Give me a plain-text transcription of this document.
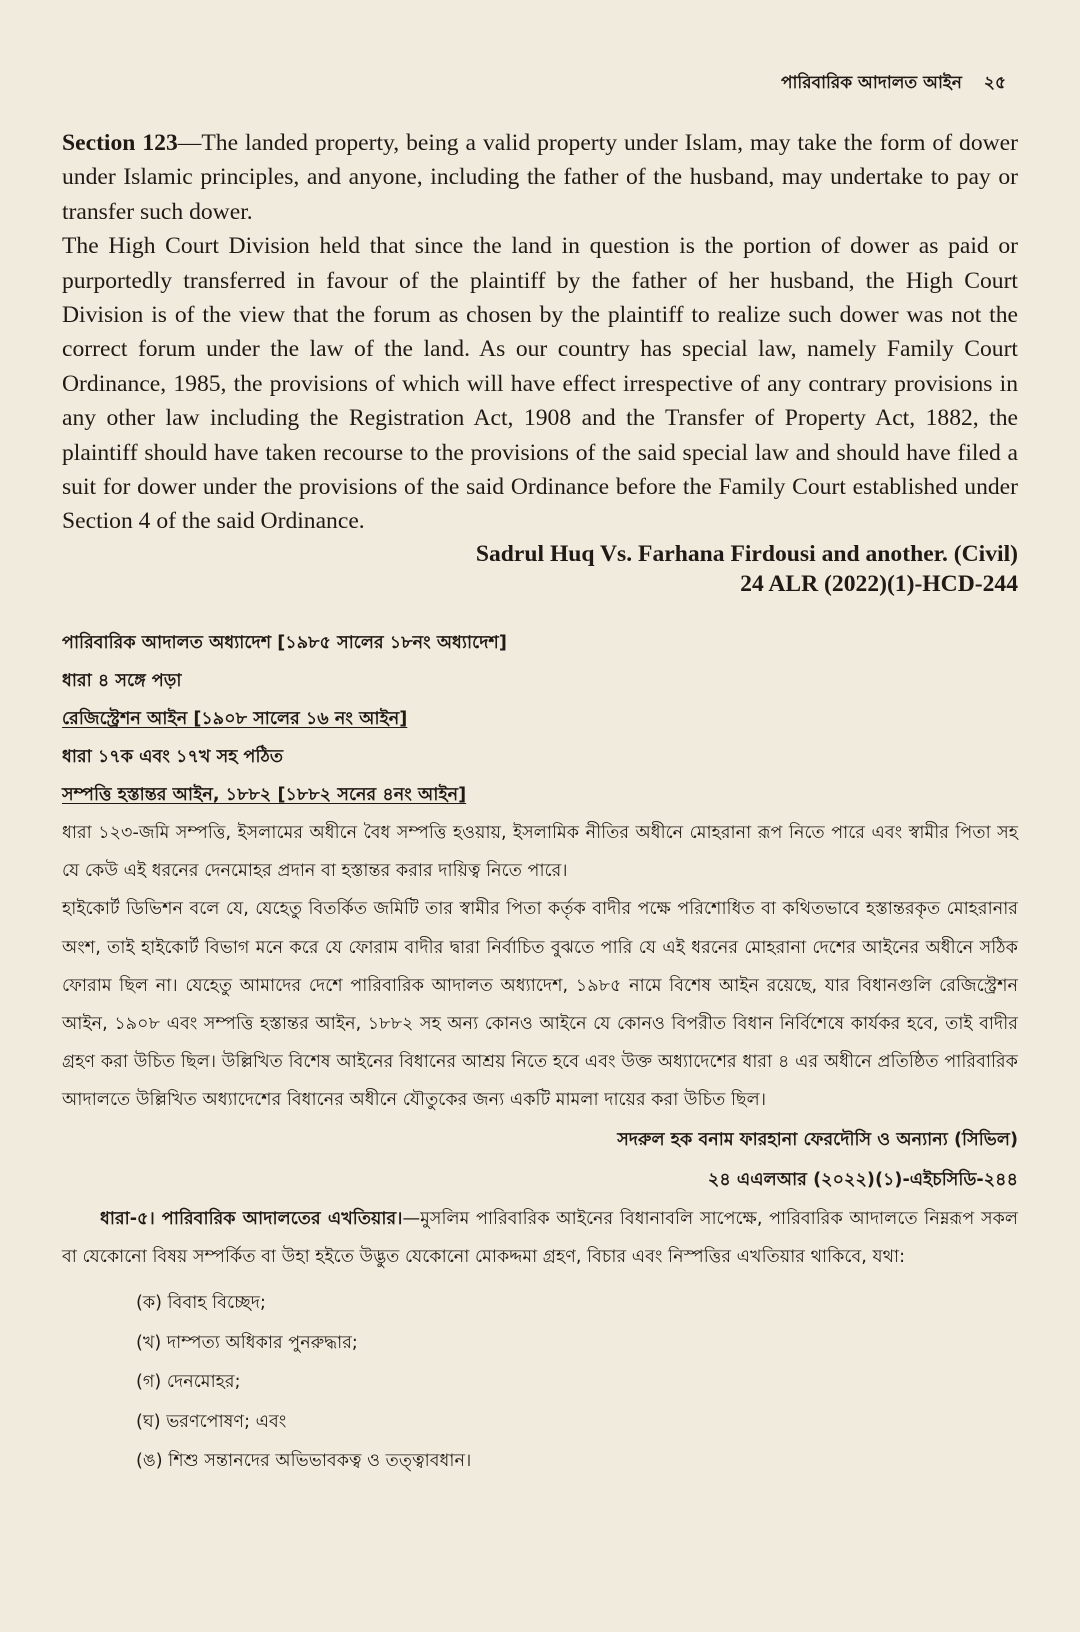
পারিবারিক আদালত আইন ২৫

Section 123—The landed property, being a valid property under Islam, may take the form of dower under Islamic principles, and anyone, including the father of the husband, may undertake to pay or transfer such dower.

The High Court Division held that since the land in question is the portion of dower as paid or purportedly transferred in favour of the plaintiff by the father of her husband, the High Court Division is of the view that the forum as chosen by the plaintiff to realize such dower was not the correct forum under the law of the land. As our country has special law, namely Family Court Ordinance, 1985, the provisions of which will have effect irrespective of any contrary provisions in any other law including the Registration Act, 1908 and the Transfer of Property Act, 1882, the plaintiff should have taken recourse to the provisions of the said special law and should have filed a suit for dower under the provisions of the said Ordinance before the Family Court established under Section 4 of the said Ordinance.

Sadrul Huq Vs. Farhana Firdousi and another. (Civil)

24 ALR (2022)(1)-HCD-244

পারিবারিক আদালত অধ্যাদেশ [১৯৮৫ সালের ১৮নং অধ্যাদেশ]

ধারা ৪ সঙ্গে পড়া

রেজিস্ট্রেশন আইন [১৯০৮ সালের ১৬ নং আইন]

ধারা ১৭ক এবং ১৭খ সহ পঠিত

সম্পত্তি হস্তান্তর আইন, ১৮৮২ [১৮৮২ সনের ৪নং আইন]

ধারা ১২৩-জমি সম্পত্তি, ইসলামের অধীনে বৈধ সম্পত্তি হওয়ায়, ইসলামিক নীতির অধীনে মোহরানা রূপ নিতে পারে এবং স্বামীর পিতা সহ যে কেউ এই ধরনের দেনমোহর প্রদান বা হস্তান্তর করার দায়িত্ব নিতে পারে।

হাইকোর্ট ডিভিশন বলে যে, যেহেতু বিতর্কিত জমিটি তার স্বামীর পিতা কর্তৃক বাদীর পক্ষে পরিশোধিত বা কথিতভাবে হস্তান্তরকৃত মোহরানার অংশ, তাই হাইকোর্ট বিভাগ মনে করে যে ফোরাম বাদীর দ্বারা নির্বাচিত বুঝতে পারি যে এই ধরনের মোহরানা দেশের আইনের অধীনে সঠিক ফোরাম ছিল না। যেহেতু আমাদের দেশে পারিবারিক আদালত অধ্যাদেশ, ১৯৮৫ নামে বিশেষ আইন রয়েছে, যার বিধানগুলি রেজিস্ট্রেশন আইন, ১৯০৮ এবং সম্পত্তি হস্তান্তর আইন, ১৮৮২ সহ অন্য কোনও আইনে যে কোনও বিপরীত বিধান নির্বিশেষে কার্যকর হবে, তাই বাদীর গ্রহণ করা উচিত ছিল। উল্লিখিত বিশেষ আইনের বিধানের আশ্রয় নিতে হবে এবং উক্ত অধ্যাদেশের ধারা ৪ এর অধীনে প্রতিষ্ঠিত পারিবারিক আদালতে উল্লিখিত অধ্যাদেশের বিধানের অধীনে যৌতুকের জন্য একটি মামলা দায়ের করা উচিত ছিল।

সদরুল হক বনাম ফারহানা ফেরদৌসি ও অন্যান্য (সিভিল)

২৪ এএলআর (২০২২)(১)-এইচসিডি-২৪৪

ধারা-৫। পারিবারিক আদালতের এখতিয়ার।—মুসলিম পারিবারিক আইনের বিধানাবলি সাপেক্ষে, পারিবারিক আদালতে নিম্নরূপ সকল বা যেকোনো বিষয় সম্পর্কিত বা উহা হইতে উদ্ভুত যেকোনো মোকদ্দমা গ্রহণ, বিচার এবং নিস্পত্তির এখতিয়ার থাকিবে, যথা:

(ক) বিবাহ বিচ্ছেদ;
(খ) দাম্পত্য অধিকার পুনরুদ্ধার;
(গ) দেনমোহর;
(ঘ) ভরণপোষণ; এবং
(ঙ) শিশু সন্তানদের অভিভাবকত্ব ও তত্ত্বাবধান।
